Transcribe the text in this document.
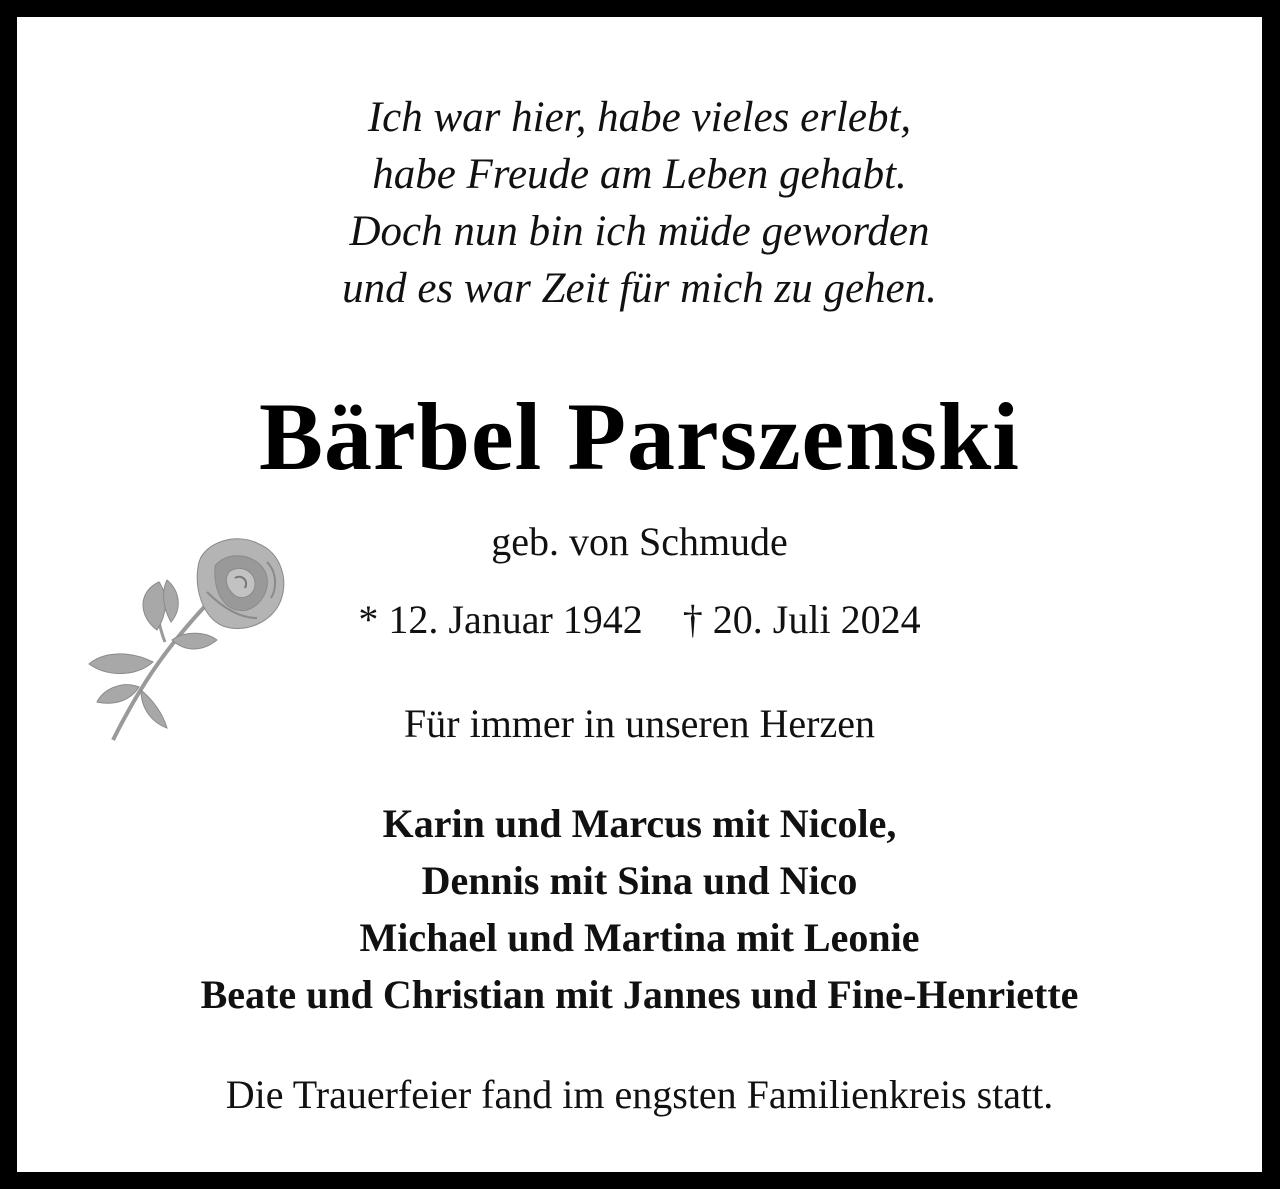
Ich war hier, habe vieles erlebt,
habe Freude am Leben gehabt.
Doch nun bin ich müde geworden
und es war Zeit für mich zu gehen.
Bärbel Parszenski
geb. von Schmude
* 12. Januar 1942 † 20. Juli 2024
Für immer in unseren Herzen
Karin und Marcus mit Nicole,
Dennis mit Sina und Nico
Michael und Martina mit Leonie
Beate und Christian mit Jannes und Fine-Henriette
Die Trauerfeier fand im engsten Familienkreis statt.
